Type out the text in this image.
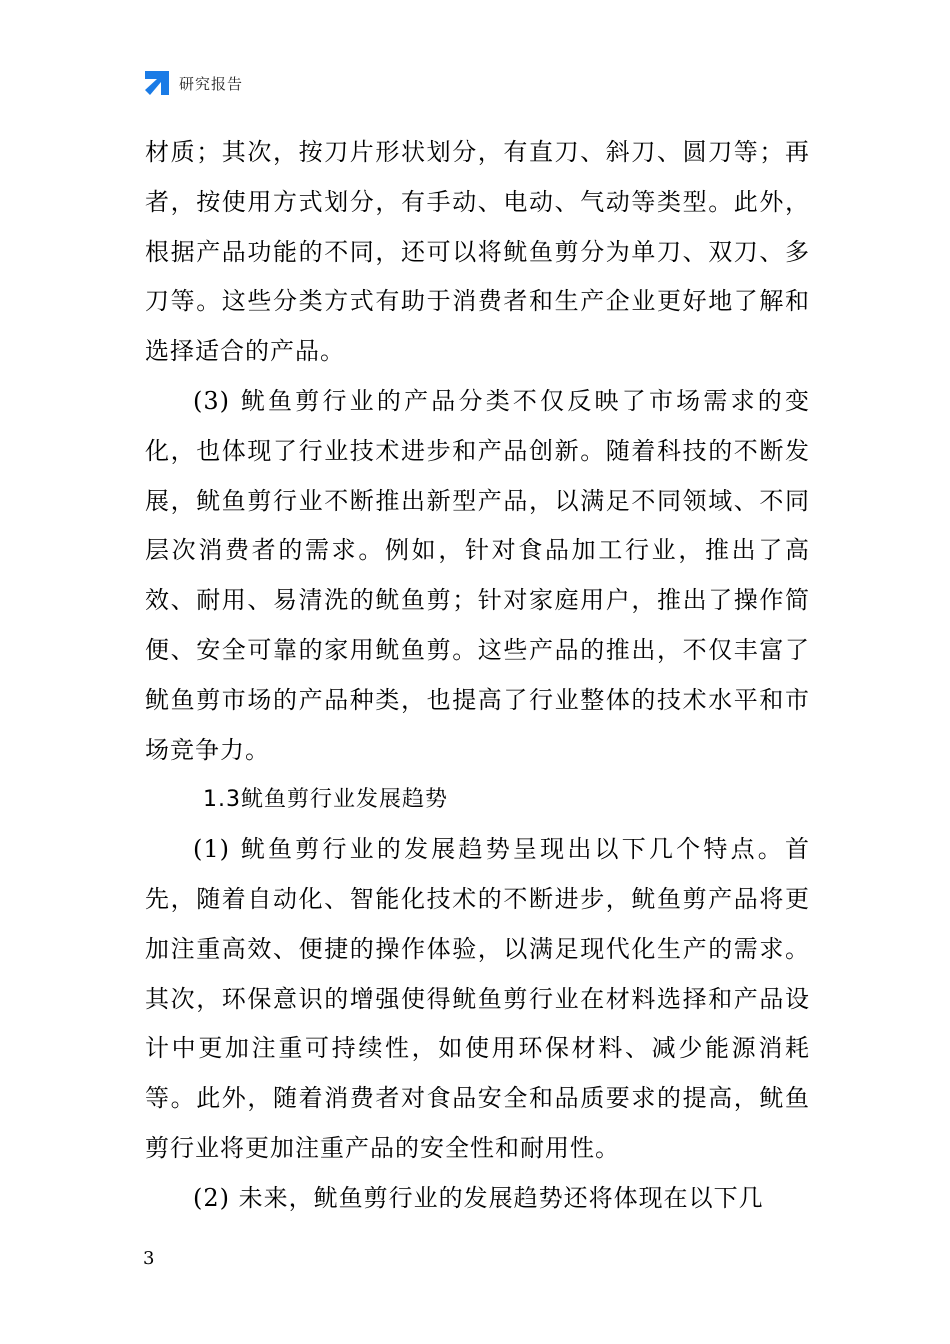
研究报告

材质；其次，按刀片形状划分，有直刀、斜刀、圆刀等；再者，按使用方式划分，有手动、电动、气动等类型。此外，根据产品功能的不同，还可以将鱿鱼剪分为单刀、双刀、多刀等。这些分类方式有助于消费者和生产企业更好地了解和选择适合的产品。

(3) 鱿鱼剪行业的产品分类不仅反映了市场需求的变化，也体现了行业技术进步和产品创新。随着科技的不断发展，鱿鱼剪行业不断推出新型产品，以满足不同领域、不同层次消费者的需求。例如，针对食品加工行业，推出了高效、耐用、易清洗的鱿鱼剪；针对家庭用户，推出了操作简便、安全可靠的家用鱿鱼剪。这些产品的推出，不仅丰富了鱿鱼剪市场的产品种类，也提高了行业整体的技术水平和市场竞争力。

1.3鱿鱼剪行业发展趋势

(1) 鱿鱼剪行业的发展趋势呈现出以下几个特点。首先，随着自动化、智能化技术的不断进步，鱿鱼剪产品将更加注重高效、便捷的操作体验，以满足现代化生产的需求。其次，环保意识的增强使得鱿鱼剪行业在材料选择和产品设计中更加注重可持续性，如使用环保材料、减少能源消耗等。此外，随着消费者对食品安全和品质要求的提高，鱿鱼剪行业将更加注重产品的安全性和耐用性。

(2) 未来，鱿鱼剪行业的发展趋势还将体现在以下几

3
